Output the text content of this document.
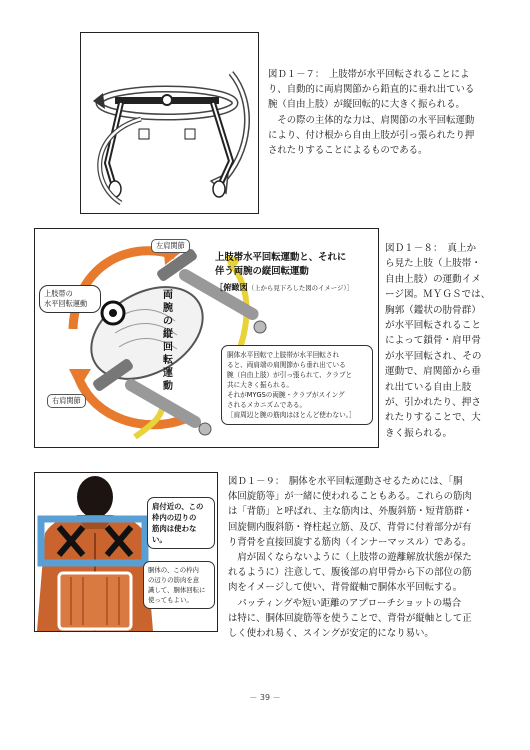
図Ｄ１－７：　上肢帯が水平回転されることによ

り、自動的に両肩関節から鉛直的に垂れ出ている

腕（自由上肢）が縦回転的に大きく振られる。

　その際の主体的な力は、肩関節の水平回転運動

により、付け根から自由上肢が引っ張られたり押

されたりすることによるものである。

左肩関節
右肩関節
上肢帯の
水平回転運動
両腕の縦回転運動
上肢帯水平回転運動と、それに
伴う両腕の縦回転運動
［俯瞰図（上から見下ろした図のイメージ）］
胴体水平回転で上肢帯が水平回転され
ると、両肩端の肩関節から垂れ出ている
腕（自由上肢）が引っ張られて、クラブと
共に大きく振られる。
それがMYGSの両腕・クラブがスイング
されるメカニズムである。
［肩周辺と腕の筋肉はほとんど使わない。］

図Ｄ１－８：　真上か

ら見た上肢（上肢帯・

自由上肢）の運動イメ

ージ図。ＭＹＧＳでは、

胸郭（鑑状の肋骨群）

が水平回転されること

によって鎖骨・肩甲骨

が水平回転され、その

運動で、肩関節から垂

れ出ている自由上肢

が、引かれたり、押さ

れたりすることで、大

きく振られる。

肩付近の、この
枠内の辺りの
筋肉は使わない。
胴体の、この枠内
の辺りの筋肉を意
識して、胴体回転に
使ってもよい。

図Ｄ１－９：　胴体を水平回転運動させるためには、「胴

体回旋筋等」が一緒に使われることもある。これらの筋肉

は「背筋」と呼ばれ、主な筋肉は、外腹斜筋・短背筋群・

回旋側内腹斜筋・脊柱起立筋、及び、背骨に付着部分が有

り背骨を直接回旋する筋肉（インナーマッスル）である。

　肩が固くならないように（上肢帯の遊離解放状態が保た

れるように）注意して、腹後部の肩甲骨から下の部位の筋

肉をイメージして使い、背骨縦軸で胴体水平回転する。

　パッティングや短い距離のアプローチショットの場合

は特に、胴体回旋筋等を使うことで、背骨が縦軸として正

しく使われ易く、スイングが安定的になり易い。

－ 39 －
